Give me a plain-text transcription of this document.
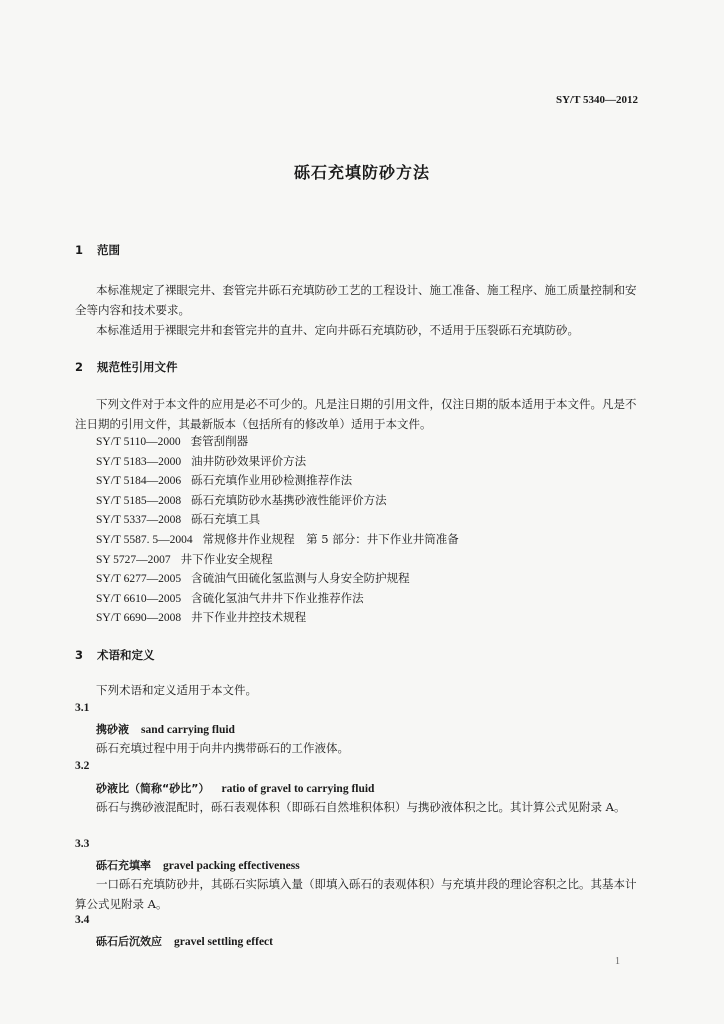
SY/T 5340—2012
砾石充填防砂方法
1 范围
本标准规定了裸眼完井、套管完井砾石充填防砂工艺的工程设计、施工准备、施工程序、施工质量控制和安全等内容和技术要求。
本标准适用于裸眼完井和套管完井的直井、定向井砾石充填防砂，不适用于压裂砾石充填防砂。
2 规范性引用文件
下列文件对于本文件的应用是必不可少的。凡是注日期的引用文件，仅注日期的版本适用于本文件。凡是不注日期的引用文件，其最新版本（包括所有的修改单）适用于本文件。
SY/T 5110—2000 套管刮削器
SY/T 5183—2000 油井防砂效果评价方法
SY/T 5184—2006 砾石充填作业用砂检测推荐作法
SY/T 5185—2008 砾石充填防砂水基携砂液性能评价方法
SY/T 5337—2008 砾石充填工具
SY/T 5587. 5—2004 常规修井作业规程　第 5 部分：井下作业井筒准备
SY 5727—2007 井下作业安全规程
SY/T 6277—2005 含硫油气田硫化氢监测与人身安全防护规程
SY/T 6610—2005 含硫化氢油气井井下作业推荐作法
SY/T 6690—2008 井下作业井控技术规程
3 术语和定义
下列术语和定义适用于本文件。
3.1
携砂液 sand carrying fluid
砾石充填过程中用于向井内携带砾石的工作液体。
3.2
砂液比（简称“砂比”） ratio of gravel to carrying fluid
砾石与携砂液混配时，砾石表观体积（即砾石自然堆积体积）与携砂液体积之比。其计算公式见附录 A。
3.3
砾石充填率 gravel packing effectiveness
一口砾石充填防砂井，其砾石实际填入量（即填入砾石的表观体积）与充填井段的理论容积之比。其基本计算公式见附录 A。
3.4
砾石后沉效应 gravel settling effect
1
